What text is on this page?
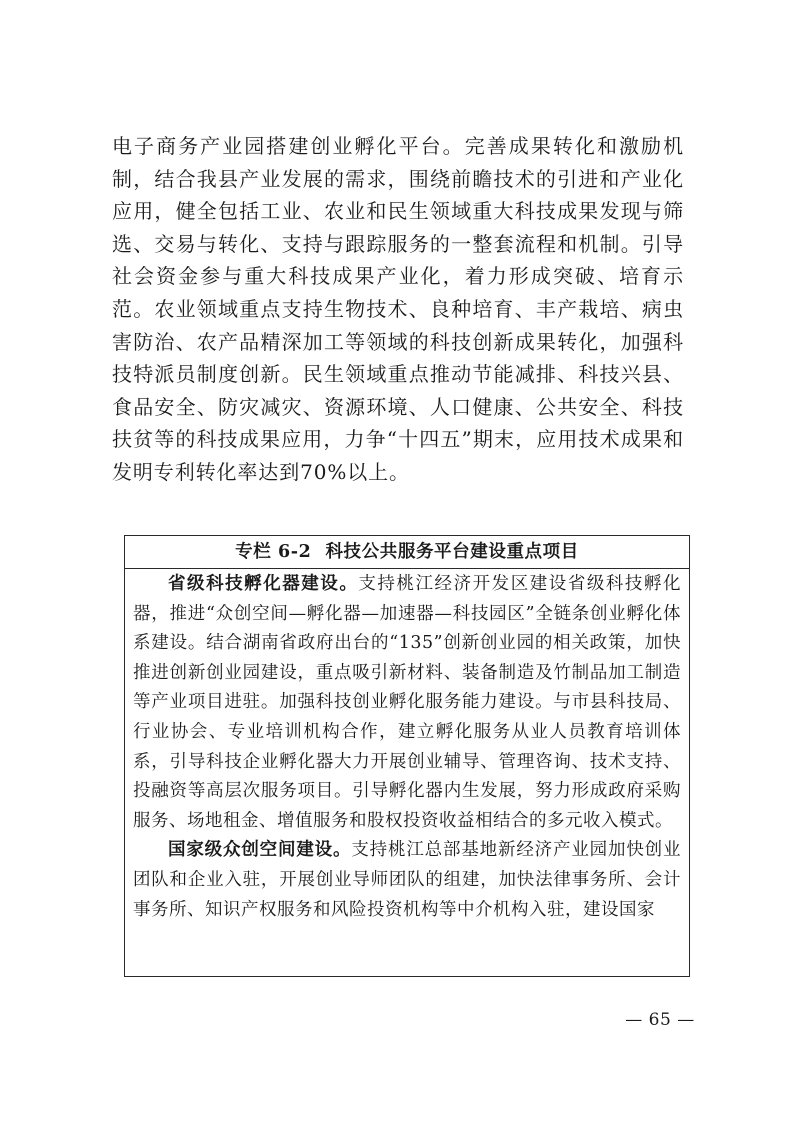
电子商务产业园搭建创业孵化平台。完善成果转化和激励机制，结合我县产业发展的需求，围绕前瞻技术的引进和产业化应用，健全包括工业、农业和民生领域重大科技成果发现与筛选、交易与转化、支持与跟踪服务的一整套流程和机制。引导社会资金参与重大科技成果产业化，着力形成突破、培育示范。农业领域重点支持生物技术、良种培育、丰产栽培、病虫害防治、农产品精深加工等领域的科技创新成果转化，加强科技特派员制度创新。民生领域重点推动节能减排、科技兴县、食品安全、防灾减灾、资源环境、人口健康、公共安全、科技扶贫等的科技成果应用，力争“十四五”期末，应用技术成果和发明专利转化率达到70%以上。

专栏 6-2 科技公共服务平台建设重点项目

省级科技孵化器建设。支持桃江经济开发区建设省级科技孵化器，推进“众创空间—孵化器—加速器—科技园区”全链条创业孵化体系建设。结合湖南省政府出台的“135”创新创业园的相关政策，加快推进创新创业园建设，重点吸引新材料、装备制造及竹制品加工制造等产业项目进驻。加强科技创业孵化服务能力建设。与市县科技局、行业协会、专业培训机构合作，建立孵化服务从业人员教育培训体系，引导科技企业孵化器大力开展创业辅导、管理咨询、技术支持、投融资等高层次服务项目。引导孵化器内生发展，努力形成政府采购服务、场地租金、增值服务和股权投资收益相结合的多元收入模式。

国家级众创空间建设。支持桃江总部基地新经济产业园加快创业团队和企业入驻，开展创业导师团队的组建，加快法律事务所、会计事务所、知识产权服务和风险投资机构等中介机构入驻，建设国家

— 65 —
